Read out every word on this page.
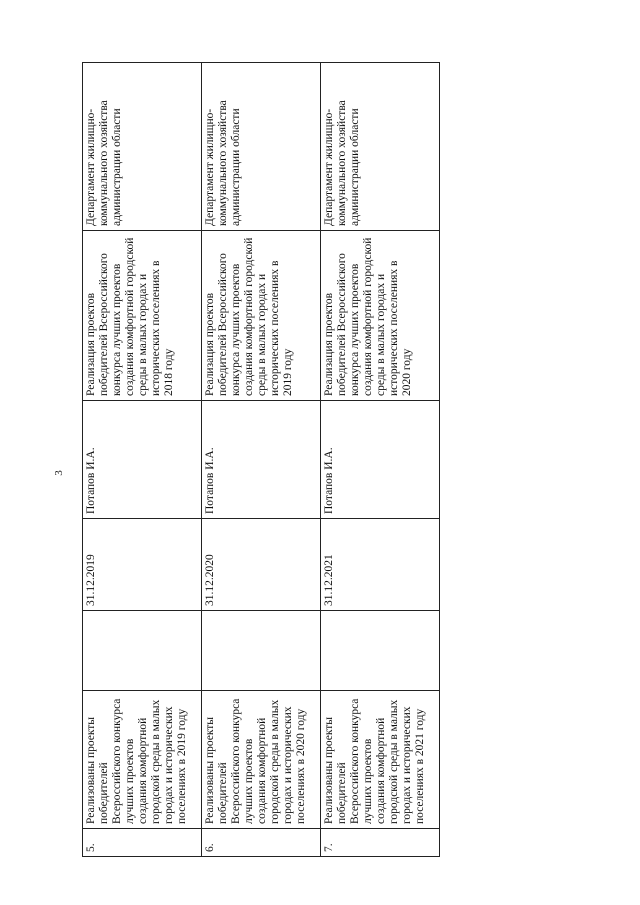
3
5.	Реализованы проекты победителей Всероссийского конкурса лучших проектов создания комфортной городской среды в малых городах и исторических поселениях в 2019 году		31.12.2019	Потапов И.А.	Реализация проектов победителей Всероссийского конкурса лучших проектов создания комфортной городской среды в малых городах и исторических поселениях в 2018 году	Департамент жилищно-коммунального хозяйства администрации области
6.	Реализованы проекты победителей Всероссийского конкурса лучших проектов создания комфортной городской среды в малых городах и исторических поселениях в 2020 году		31.12.2020	Потапов И.А.	Реализация проектов победителей Всероссийского конкурса лучших проектов создания комфортной городской среды в малых городах и исторических поселениях в 2019 году	Департамент жилищно-коммунального хозяйства администрации области
7.	Реализованы проекты победителей Всероссийского конкурса лучших проектов создания комфортной городской среды в малых городах и исторических поселениях в 2021 году		31.12.2021	Потапов И.А.	Реализация проектов победителей Всероссийского конкурса лучших проектов создания комфортной городской среды в малых городах и исторических поселениях в 2020 году	Департамент жилищно-коммунального хозяйства администрации области
